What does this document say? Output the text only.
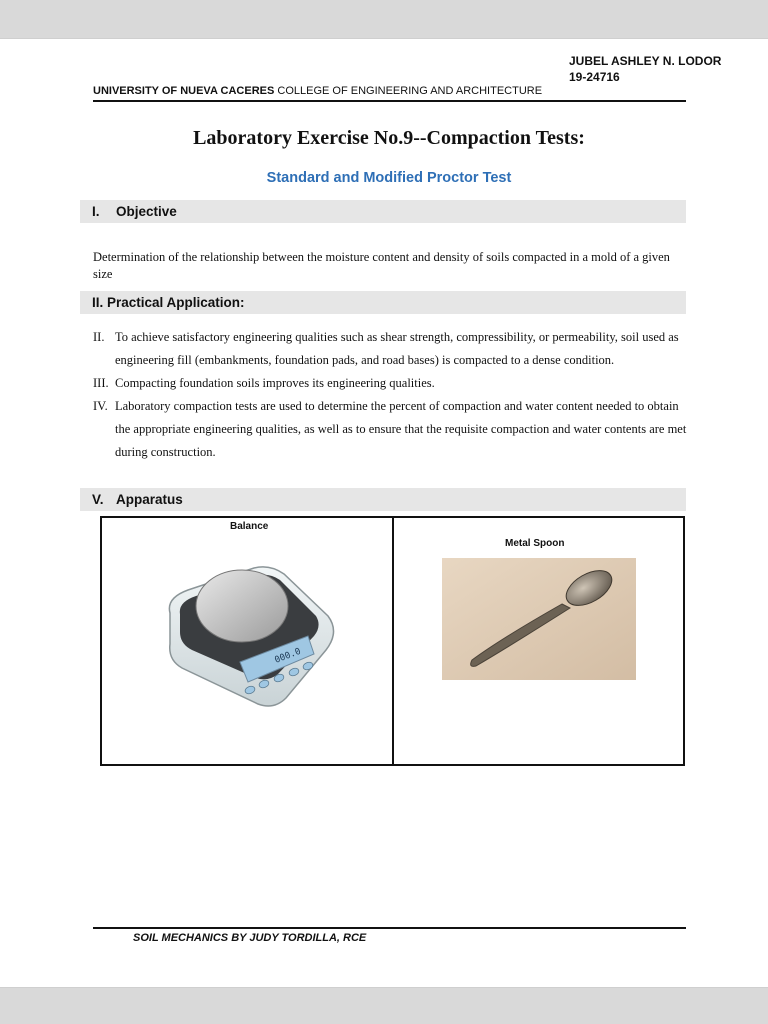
JUBEL ASHLEY N. LODOR
19-24716
UNIVERSITY OF NUEVA CACERES COLLEGE OF ENGINEERING AND ARCHITECTURE
Laboratory Exercise No.9--Compaction Tests:
Standard and Modified Proctor Test
I. Objective
Determination of the relationship between the moisture content and density of soils compacted in a mold of a given size
II. Practical Application:
II. To achieve satisfactory engineering qualities such as shear strength, compressibility, or permeability, soil used as engineering fill (embankments, foundation pads, and road bases) is compacted to a dense condition.
III. Compacting foundation soils improves its engineering qualities.
IV. Laboratory compaction tests are used to determine the percent of compaction and water content needed to obtain the appropriate engineering qualities, as well as to ensure that the requisite compaction and water contents are met during construction.
V. Apparatus
Balance
000.0
Metal Spoon
SOIL MECHANICS BY JUDY TORDILLA, RCE
